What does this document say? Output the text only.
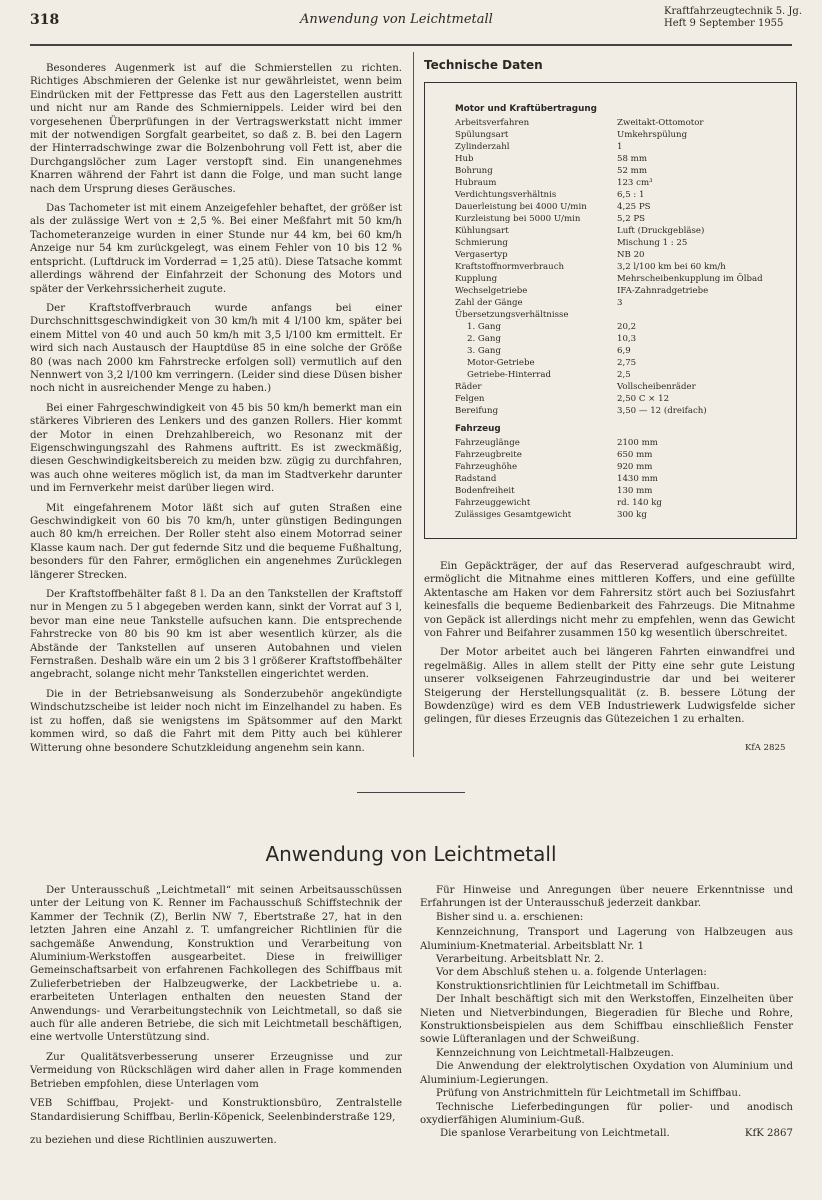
318	Anwendung von Leichtmetall
Kraftfahrzeugtechnik 5. Jg.
Heft 9 September 1955

Besonderes Augenmerk ist auf die Schmierstellen zu richten. Richtiges Abschmieren der Gelenke ist nur gewährleistet, wenn beim Eindrücken mit der Fettpresse das Fett aus den Lagerstellen austritt und nicht nur am Rande des Schmiernippels. Leider wird bei den vorgesehenen Überprüfungen in der Vertragswerkstatt nicht immer mit der notwendigen Sorgfalt gearbeitet, so daß z. B. bei den Lagern der Hinterradschwinge zwar die Bolzenbohrung voll Fett ist, aber die Durchgangslöcher zum Lager verstopft sind. Ein unangenehmes Knarren während der Fahrt ist dann die Folge, und man sucht lange nach dem Ursprung dieses Geräusches.

Das Tachometer ist mit einem Anzeigefehler behaftet, der größer ist als der zulässige Wert von ± 2,5 %. Bei einer Meßfahrt mit 50 km/h Tachometeranzeige wurden in einer Stunde nur 44 km, bei 60 km/h Anzeige nur 54 km zurückgelegt, was einem Fehler von 10 bis 12 % entspricht. (Luftdruck im Vorderrad = 1,25 atü). Diese Tatsache kommt allerdings während der Einfahrzeit der Schonung des Motors und später der Verkehrssicherheit zugute.

Der Kraftstoffverbrauch wurde anfangs bei einer Durchschnittsgeschwindigkeit von 30 km/h mit 4 l/100 km, später bei einem Mittel von 40 und auch 50 km/h mit 3,5 l/100 km ermittelt. Er wird sich nach Austausch der Hauptdüse 85 in eine solche der Größe 80 (was nach 2000 km Fahrstrecke erfolgen soll) vermutlich auf den Nennwert von 3,2 l/100 km verringern. (Leider sind diese Düsen bisher noch nicht in ausreichender Menge zu haben.)

Bei einer Fahrgeschwindigkeit von 45 bis 50 km/h bemerkt man ein stärkeres Vibrieren des Lenkers und des ganzen Rollers. Hier kommt der Motor in einen Drehzahlbereich, wo Resonanz mit der Eigenschwingungszahl des Rahmens auftritt. Es ist zweckmäßig, diesen Geschwindigkeitsbereich zu meiden bzw. zügig zu durchfahren, was auch ohne weiteres möglich ist, da man im Stadtverkehr darunter und im Fernverkehr meist darüber liegen wird.

Mit eingefahrenem Motor läßt sich auf guten Straßen eine Geschwindigkeit von 60 bis 70 km/h, unter günstigen Bedingungen auch 80 km/h erreichen. Der Roller steht also einem Motorrad seiner Klasse kaum nach. Der gut federnde Sitz und die bequeme Fußhaltung, besonders für den Fahrer, ermöglichen ein angenehmes Zurücklegen längerer Strecken.

Der Kraftstoffbehälter faßt 8 l. Da an den Tankstellen der Kraftstoff nur in Mengen zu 5 l abgegeben werden kann, sinkt der Vorrat auf 3 l, bevor man eine neue Tankstelle aufsuchen kann. Die entsprechende Fahrstrecke von 80 bis 90 km ist aber wesentlich kürzer, als die Abstände der Tankstellen auf unseren Autobahnen und vielen Fernstraßen. Deshalb wäre ein um 2 bis 3 l größerer Kraftstoffbehälter angebracht, solange nicht mehr Tankstellen eingerichtet werden.

Die in der Betriebsanweisung als Sonderzubehör angekündigte Windschutzscheibe ist leider noch nicht im Einzelhandel zu haben. Es ist zu hoffen, daß sie wenigstens im Spätsommer auf den Markt kommen wird, so daß die Fahrt mit dem Pitty auch bei kühlerer Witterung ohne besondere Schutzkleidung angenehm sein kann.

Technische Daten
Motor und Kraftübertragung
Arbeitsverfahren	Zweitakt-Ottomotor
Spülungsart	Umkehrspülung
Zylinderzahl	1
Hub	58 mm
Bohrung	52 mm
Hubraum	123 cm³
Verdichtungsverhältnis	6,5 : 1
Dauerleistung bei 4000 U/min	4,25 PS
Kurzleistung bei 5000 U/min	5,2 PS
Kühlungsart	Luft (Druckgebläse)
Schmierung	Mischung 1 : 25
Vergasertyp	NB 20
Kraftstoffnormverbrauch	3,2 l/100 km bei 60 km/h
Kupplung	Mehrscheibenkupplung im Ölbad
Wechselgetriebe	IFA-Zahnradgetriebe
Zahl der Gänge	3
Übersetzungsverhältnisse
1. Gang	20,2
2. Gang	10,3
3. Gang	6,9
Motor-Getriebe	2,75
Getriebe-Hinterrad	2,5
Räder	Vollscheibenräder
Felgen	2,50 C × 12
Bereifung	3,50 — 12 (dreifach)
Fahrzeug
Fahrzeuglänge	2100 mm
Fahrzeugbreite	650 mm
Fahrzeughöhe	920 mm
Radstand	1430 mm
Bodenfreiheit	130 mm
Fahrzeuggewicht	rd. 140 kg
Zulässiges Gesamtgewicht	300 kg

Ein Gepäckträger, der auf das Reserverad aufgeschraubt wird, ermöglicht die Mitnahme eines mittleren Koffers, und eine gefüllte Aktentasche am Haken vor dem Fahrersitz stört auch bei Soziusfahrt keinesfalls die bequeme Bedienbarkeit des Fahrzeugs. Die Mitnahme von Gepäck ist allerdings nicht mehr zu empfehlen, wenn das Gewicht von Fahrer und Beifahrer zusammen 150 kg wesentlich überschreitet.

Der Motor arbeitet auch bei längeren Fahrten einwandfrei und regelmäßig. Alles in allem stellt der Pitty eine sehr gute Leistung unserer volkseigenen Fahrzeugindustrie dar und bei weiterer Steigerung der Herstellungsqualität (z. B. bessere Lötung der Bowdenzüge) wird es dem VEB Industriewerk Ludwigsfelde sicher gelingen, für dieses Erzeugnis das Gütezeichen 1 zu erhalten.

KfA 2825
Anwendung von Leichtmetall

Der Unterausschuß „Leichtmetall“ mit seinen Arbeitsausschüssen unter der Leitung von K. Renner im Fachausschuß Schiffstechnik der Kammer der Technik (Z), Berlin NW 7, Ebertstraße 27, hat in den letzten Jahren eine Anzahl z. T. umfangreicher Richtlinien für die sachgemäße Anwendung, Konstruktion und Verarbeitung von Aluminium-Werkstoffen ausgearbeitet. Diese in freiwilliger Gemeinschaftsarbeit von erfahrenen Fachkollegen des Schiffbaus mit Zulieferbetrieben der Halbzeugwerke, der Lackbetriebe u. a. erarbeiteten Unterlagen enthalten den neuesten Stand der Anwendungs- und Verarbeitungstechnik von Leichtmetall, so daß sie auch für alle anderen Betriebe, die sich mit Leichtmetall beschäftigen, eine wertvolle Unterstützung sind.

Zur Qualitätsverbesserung unserer Erzeugnisse und zur Vermeidung von Rückschlägen wird daher allen in Frage kommenden Betrieben empfohlen, diese Unterlagen vom

VEB Schiffbau, Projekt- und Konstruktionsbüro, Zentralstelle Standardisierung Schiffbau, Berlin-Köpenick, Seelenbinderstraße 129,

zu beziehen und diese Richtlinien auszuwerten.

Für Hinweise und Anregungen über neuere Erkenntnisse und Erfahrungen ist der Unterausschuß jederzeit dankbar.

Bisher sind u. a. erschienen:

Kennzeichnung, Transport und Lagerung von Halbzeugen aus Aluminium-Knetmaterial. Arbeitsblatt Nr. 1

Verarbeitung. Arbeitsblatt Nr. 2.

Vor dem Abschluß stehen u. a. folgende Unterlagen:

Konstruktionsrichtlinien für Leichtmetall im Schiffbau.

Der Inhalt beschäftigt sich mit den Werkstoffen, Einzelheiten über Nieten und Nietverbindungen, Biegeradien für Bleche und Rohre, Konstruktionsbeispielen aus dem Schiffbau einschließlich Fenster sowie Lüfteranlagen und der Schweißung.

Kennzeichnung von Leichtmetall-Halbzeugen.

Die Anwendung der elektrolytischen Oxydation von Aluminium und Aluminium-Legierungen.

Prüfung von Anstrichmitteln für Leichtmetall im Schiffbau.

Technische Lieferbedingungen für polier- und anodisch oxydierfähigen Aluminium-Guß.

Die spanlose Verarbeitung von Leichtmetall.	KfK 2867
